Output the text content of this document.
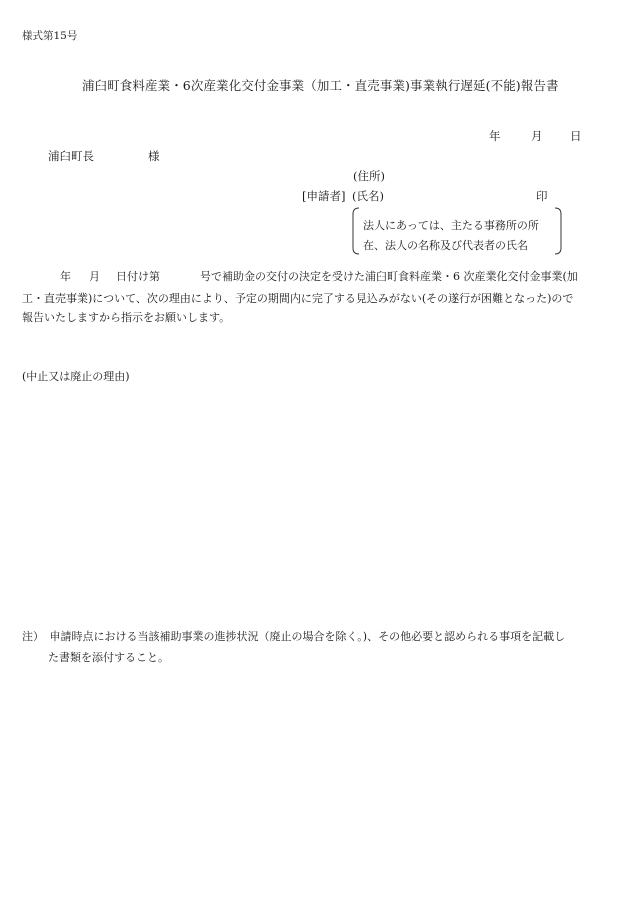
様式第15号
浦臼町食料産業・6次産業化交付金事業（加工・直売事業)事業執行遅延(不能)報告書
年	月 日
浦臼町長	様
(住所)
[申請者] (氏名)	印
法人にあっては、主たる事務所の所
在、法人の名称及び代表者の氏名
年 月 日付け第	号で補助金の交付の決定を受けた浦臼町食料産業・6 次産業化交付金事業(加
工・直売事業)について、次の理由により、予定の期間内に完了する見込みがない(その遂行が困難となった)ので
報告いたしますから指示をお願いします。
(中止又は廃止の理由)
注）　申請時点における当該補助事業の進捗状況（廃止の場合を除く。)、その他必要と認められる事項を記載し
た書類を添付すること。
